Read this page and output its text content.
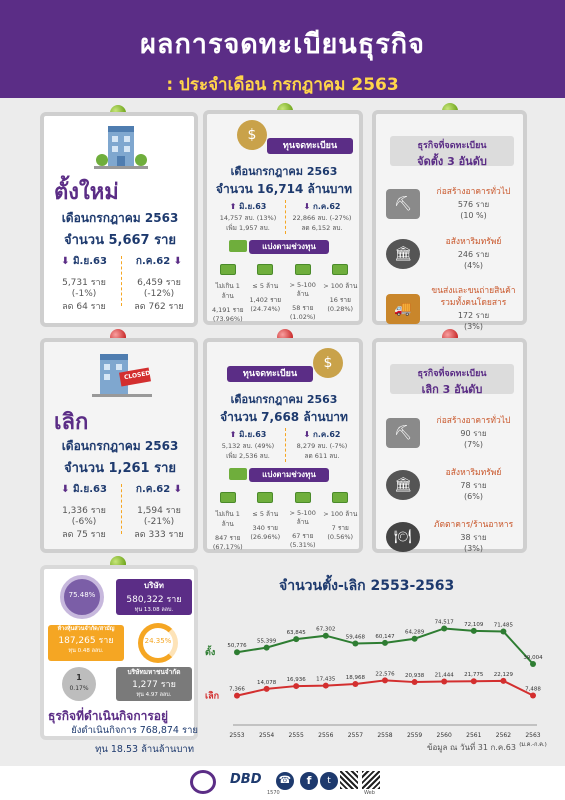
ผลการจดทะเบียนธุรกิจ
: ประจำเดือน กรกฎาคม 2563
ตั้งใหม่
เดือนกรกฎาคม 2563
จำนวน 5,667 ราย
⬇ มิ.ย.63
5,731 ราย (-1%)
ลด 64 ราย
ก.ค.62 ⬇
6,459 ราย (-12%)
ลด 762 ราย
$
ทุนจดทะเบียน
เดือนกรกฎาคม 2563
จำนวน 16,714 ล้านบาท
⬆ มิ.ย.63
14,757 ลบ. (13%)
เพิ่ม 1,957 ลบ.
⬇ ก.ค.62
22,866 ลบ. (-27%)
ลด 6,152 ลบ.
แบ่งตามช่วงทุน
ไม่เกิน 1 ล้าน
4,191 ราย
(73.96%)
≤ 5 ล้าน
1,402 ราย
(24.74%)
> 5-100 ล้าน
58 ราย
(1.02%)
> 100 ล้าน
16 ราย
(0.28%)
ธุรกิจที่จดทะเบียน
จัดตั้ง 3 อันดับ
⛏
ก่อสร้างอาคารทั่วไป
576 ราย
(10 %)
🏛
อสังหาริมทรัพย์
246 ราย
(4%)
🚚
ขนส่งและขนถ่ายสินค้า รวมทั้งคนโดยสาร
172 ราย
(3%)
CLOSED
เลิก
เดือนกรกฎาคม 2563
จำนวน 1,261 ราย
⬇ มิ.ย.63
1,336 ราย (-6%)
ลด 75 ราย
ก.ค.62 ⬇
1,594 ราย (-21%)
ลด 333 ราย
ทุนจดทะเบียน
$
เดือนกรกฎาคม 2563
จำนวน 7,668 ล้านบาท
⬆ มิ.ย.63
5,132 ลบ. (49%)
เพิ่ม 2,536 ลบ.
⬇ ก.ค.62
8,279 ลบ. (-7%)
ลด 611 ลบ.
แบ่งตามช่วงทุน
ไม่เกิน 1 ล้าน
847 ราย
(67.17%)
≤ 5 ล้าน
340 ราย
(26.96%)
> 5-100 ล้าน
67 ราย
(5.31%)
> 100 ล้าน
7 ราย
(0.56%)
ธุรกิจที่จดทะเบียน
เลิก 3 อันดับ
⛏
ก่อสร้างอาคารทั่วไป
90 ราย
(7%)
🏛
อสังหาริมทรัพย์
78 ราย
(6%)
🍽
ภัตตาคาร/ร้านอาหาร
38 ราย
(3%)
75.48%
บริษัท
580,322 ราย
ทุน 13.08 ลลบ.
ห้างหุ้นส่วนจำกัด/สามัญ
187,265 ราย
ทุน 0.48 ลลบ.
24.35%
1
0.17%
บริษัทมหาชนจำกัด
1,277 ราย
ทุน 4.97 ลลบ.
ธุรกิจที่ดำเนินกิจการอยู่
ยังดำเนินกิจการ 768,874 ราย
ทุน 18.53 ล้านล้านบาท
จำนวนตั้ง-เลิก 2553-2563
50,776
55,399
63,845
67,302
59,468 60,147
64,289
74,517 72,109 71,485
39,004
ตั้ง
7,366
14,078 16,936 17,435 18,968
22,576 20,938 21,444 21,775 22,129
7,488
เลิก
2553 2554 2555 2556 2557 2558 2559 2560 2561 2562 2563
(ม.ค.-ก.ค.)
ข้อมูล ณ วันที่ 31 ก.ค.63
DBD ☎
1570
f	t
Web
